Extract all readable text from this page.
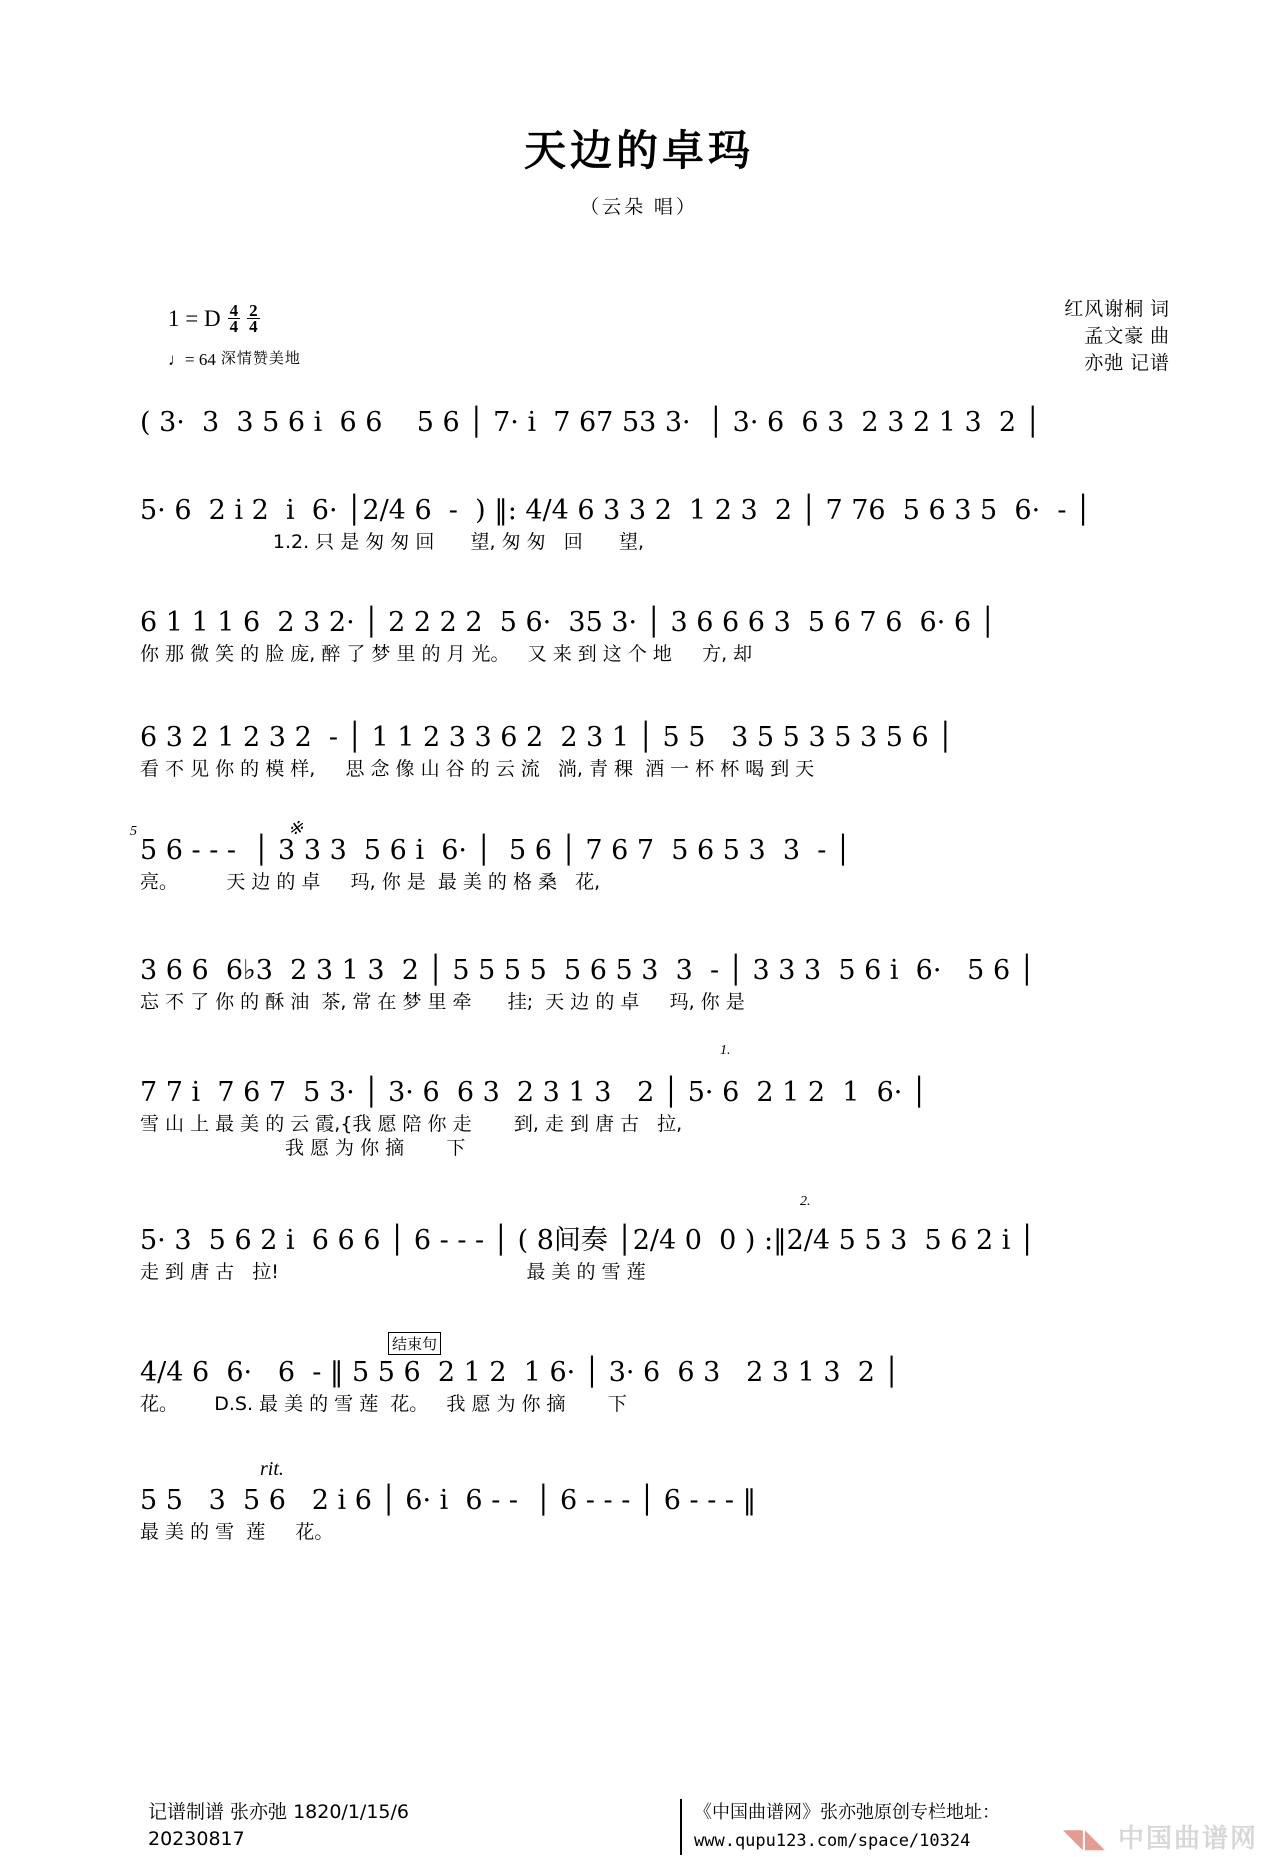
天边的卓玛
（云朵 唱）
红风谢桐 词
孟文豪 曲
亦弛 记谱
1 = D $\frac{4}{4} \frac{2}{4}$
♩= 64 深情赞美地
( 3·  3  3 5 6 i  6 6    5 6 │ 7· i  7 67 53 3·  │ 3· 6  6 3  2 3 2 1 3  2 │
5· 6  2 i 2  i  6· │2/4 6  -  ) ‖: 4/4 6 3 3 2  1 2 3  2 │ 7 76  5 6 3 5  6·  - │
1.2. 只 是 匆 匆 回      望, 匆 匆   回      望,
6 1 1 1 6  2 3 2· │ 2 2 2 2  5 6·  35 3· │ 3 6 6 6 3  5 6 7 6  6· 6 │
你 那 微 笑 的 脸 庞, 醉 了 梦 里 的 月 光。   又 来 到 这 个 地     方, 却
6 3 2 1 2 3 2  - │ 1 1 2 3 3 6 2  2 3 1 │ 5 5   3 5 5 3 5 3 5 6 │
看 不 见 你 的 模 样,     思 念 像 山 谷 的 云 流   淌, 青 稞  酒 一 杯 杯 喝 到 天
5	※
5 6 - - -  │ 3 3 3  5 6 i  6· │  5 6 │ 7 6 7  5 6 5 3  3  - │
亮。        天 边 的 卓     玛, 你 是  最 美 的 格 桑   花,
3 6 6  6♭3  2 3 1 3  2 │ 5 5 5 5  5 6 5 3  3  - │ 3 3 3  5 6 i  6·   5 6 │
忘 不 了 你 的 酥 油  茶, 常 在 梦 里 牵      挂;  天 边 的 卓     玛, 你 是
1.
7 7 i  7 6 7  5 3· │ 3· 6  6 3  2 3 1 3   2 │ 5· 6  2 1 2  1  6· │
雪 山 上 最 美 的 云 霞,{我 愿 陪 你 走       到, 走 到 唐 古   拉,
我 愿 为 你 摘       下
2.
5· 3  5 6 2 i  6 6 6 │ 6 - - - │ ( 8间奏 │2/4 0  0 ) :‖2/4 5 5 3  5 6 2 i │
走 到 唐 古   拉!                                         最 美 的 雪 莲
结束句
4/4 6  6·   6  - ‖ 5 5 6  2 1 2  1 6· │ 3· 6  6 3   2 3 1 3  2 │
花。      D.S. 最 美 的 雪 莲  花。   我 愿 为 你 摘       下
rit.
5 5   3  5 6   2 i 6 │ 6· i  6 - -  │ 6 - - - │ 6 - - - ‖
最 美 的 雪  莲     花。
记谱制谱 张亦弛 1820/1/15/6
20230817
《中国曲谱网》张亦弛原创专栏地址：
www.qupu123.com/space/10324	◥◣ 中国曲谱网
